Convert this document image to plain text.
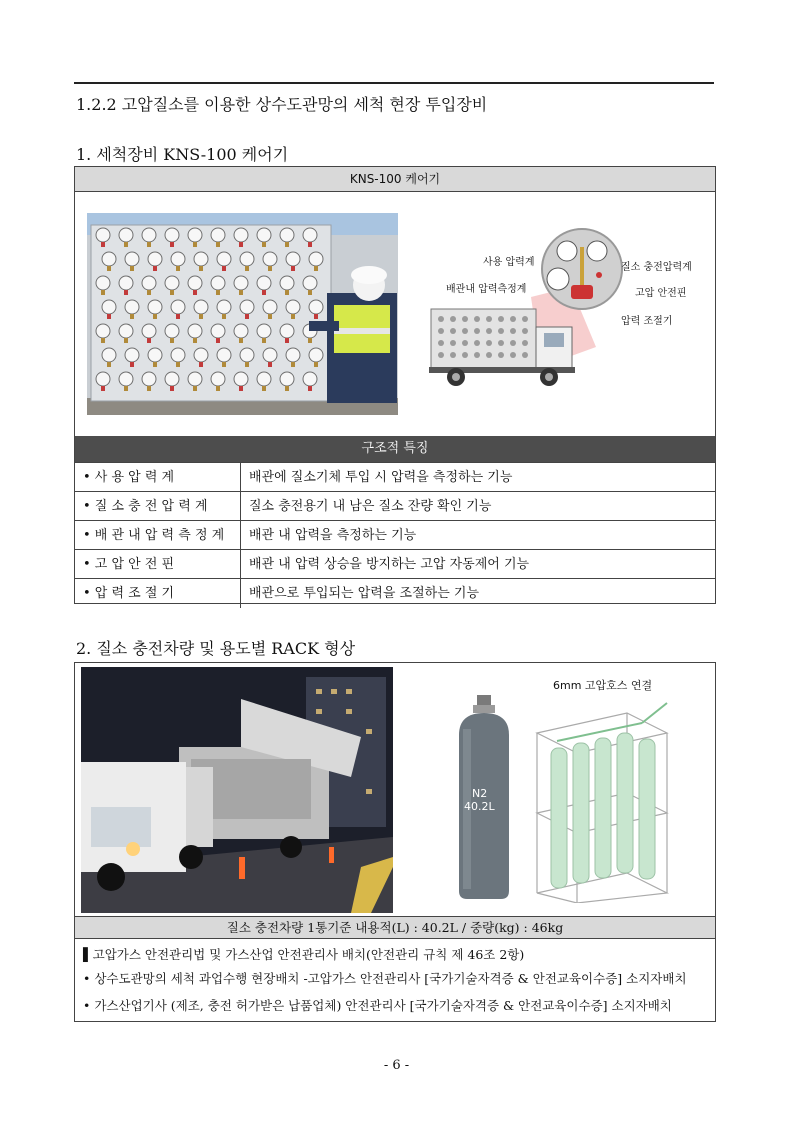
1.2.2 고압질소를 이용한 상수도관망의 세척 현장 투입장비
1. 세척장비 KNS-100 케어기
KNS-100 케어기
사용 압력계
배관내 압력측정계
질소 충전압력계
고압 안전핀
압력 조절기
구조적 특징
• 사 용 압 력 계	배관에 질소기체 투입 시 압력을 측정하는 기능
• 질 소 충 전 압 력 계	질소 충전용기 내 남은 질소 잔량 확인 기능
• 배 관 내 압 력 측 정 계	배관 내 압력을 측정하는 기능
• 고 압 안 전 핀	배관 내 압력 상승을 방지하는 고압 자동제어 기능
• 압 력 조 절 기	배관으로 투입되는 압력을 조절하는 기능
2. 질소 충전차량 및 용도별 RACK 형상
N2
40.2L
6mm 고압호스 연결
질소 충전차량 1통기준 내용적(L) : 40.2L / 중량(kg) : 46kg
▌고압가스 안전관리법 및 가스산업 안전관리사 배치(안전관리 규칙 제 46조 2항)
• 상수도관망의 세척 과업수행 현장배치 -고압가스 안전관리사 [국가기술자격증 & 안전교육이수증] 소지자배치
• 가스산업기사 (제조, 충전 허가받은 납품업체) 안전관리사 [국가기술자격증 & 안전교육이수증] 소지자배치
- 6 -
